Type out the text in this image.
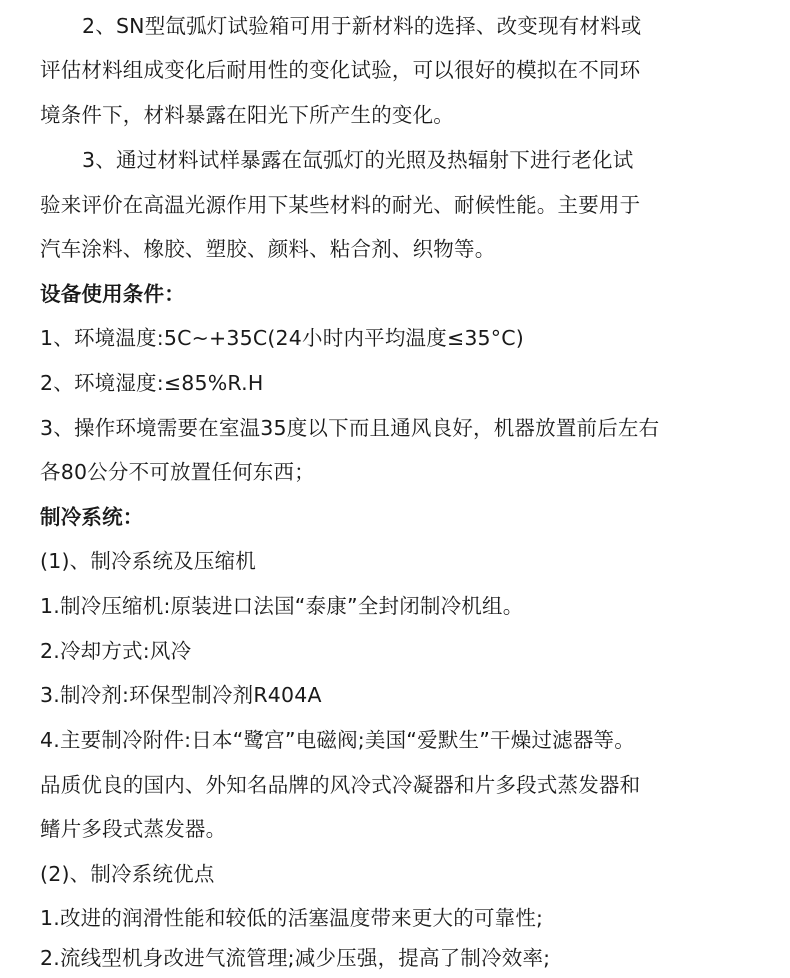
2、SN型氙弧灯试验箱可用于新材料的选择、改变现有材料或
评估材料组成变化后耐用性的变化试验，可以很好的模拟在不同环
境条件下，材料暴露在阳光下所产生的变化。
3、通过材料试样暴露在氙弧灯的光照及热辐射下进行老化试
验来评价在高温光源作用下某些材料的耐光、耐候性能。主要用于
汽车涂料、橡胶、塑胶、颜料、粘合剂、织物等。
设备使用条件：
1、环境温度:5C~+35C(24小时内平均温度≤35°C)
2、环境湿度:≤85%R.H
3、操作环境需要在室温35度以下而且通风良好，机器放置前后左右
各80公分不可放置任何东西；
制冷系统：
(1)、制冷系统及压缩机
1.制冷压缩机:原装进口法国“泰康”全封闭制冷机组。
2.冷却方式:风冷
3.制冷剂:环保型制冷剂R404A
4.主要制冷附件:日本“鹭宫”电磁阀;美国“爱默生”干燥过滤器等。
品质优良的国内、外知名品牌的风冷式冷凝器和片多段式蒸发器和
鳍片多段式蒸发器。
(2)、制冷系统优点
1.改进的润滑性能和较低的活塞温度带来更大的可靠性;
2.流线型机身改进气流管理;减少压强，提高了制冷效率;
